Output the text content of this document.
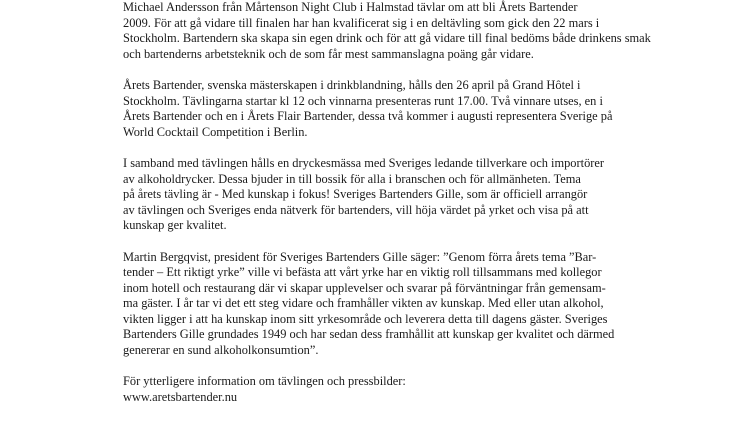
Michael Andersson från Mårtenson Night Club i Halmstad tävlar om att bli Årets Bartender
2009. För att gå vidare till finalen har han kvalificerat sig i en deltävling som gick den 22 mars i
Stockholm. Bartendern ska skapa sin egen drink och för att gå vidare till final bedöms både drinkens smak
och bartenderns arbetsteknik och de som får mest sammanslagna poäng går vidare.
Årets Bartender, svenska mästerskapen i drinkblandning, hålls den 26 april på Grand Hôtel i
Stockholm. Tävlingarna startar kl 12 och vinnarna presenteras runt 17.00. Två vinnare utses, en i
Årets Bartender och en i Årets Flair Bartender, dessa två kommer i augusti representera Sverige på
World Cocktail Competition i Berlin.
I samband med tävlingen hålls en dryckesmässa med Sveriges ledande tillverkare och importörer
av alkoholdrycker. Dessa bjuder in till bossik för alla i branschen och för allmänheten. Tema
på årets tävling är - Med kunskap i fokus! Sveriges Bartenders Gille, som är officiell arrangör
av tävlingen och Sveriges enda nätverk för bartenders, vill höja värdet på yrket och visa på att
kunskap ger kvalitet.
Martin Bergqvist, president för Sveriges Bartenders Gille säger: ”Genom förra årets tema ”Bar-
tender – Ett riktigt yrke” ville vi befästa att vårt yrke har en viktig roll tillsammans med kollegor
inom hotell och restaurang där vi skapar upplevelser och svarar på förväntningar från gemensam-
ma gäster. I år tar vi det ett steg vidare och framhåller vikten av kunskap. Med eller utan alkohol,
vikten ligger i att ha kunskap inom sitt yrkesområde och leverera detta till dagens gäster. Sveriges
Bartenders Gille grundades 1949 och har sedan dess framhållit att kunskap ger kvalitet och därmed
genererar en sund alkoholkonsumtion”.
För ytterligere information om tävlingen och pressbilder:
www.aretsbartender.nu
